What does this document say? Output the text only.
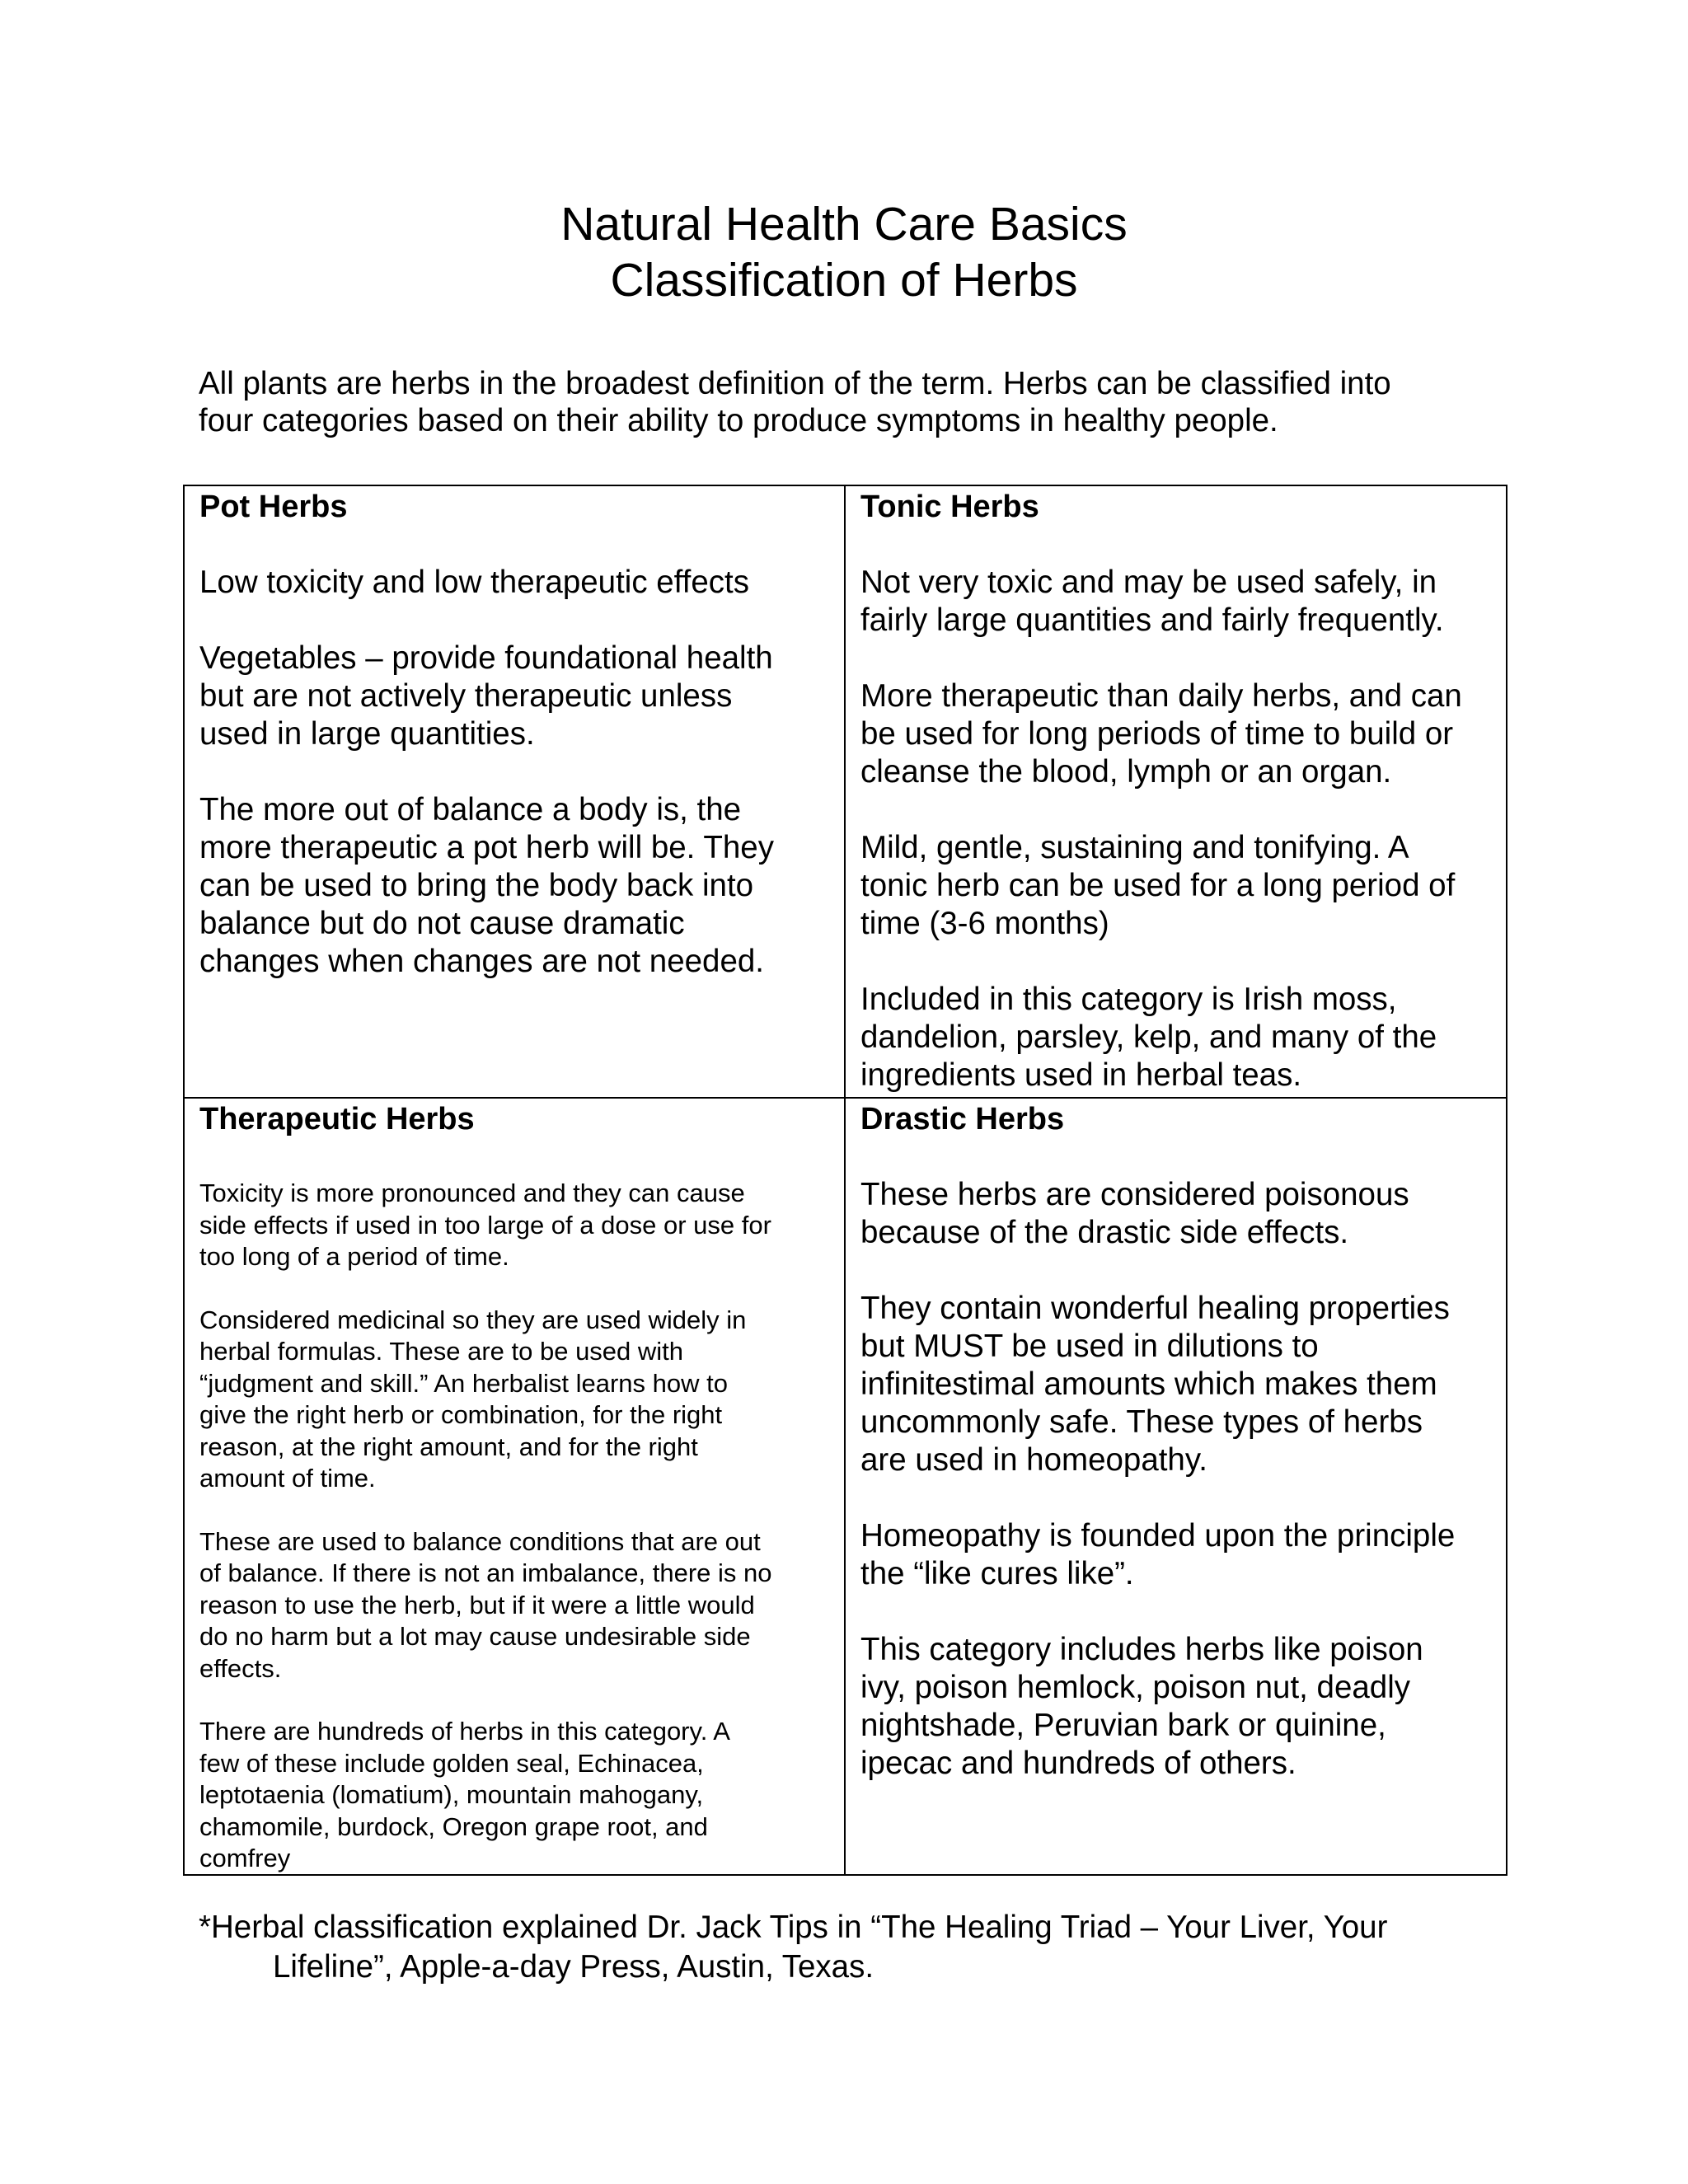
Natural Health Care Basics
Classification of Herbs
All plants are herbs in the broadest definition of the term. Herbs can be classified into
four categories based on their ability to produce symptoms in healthy people.
Pot Herbs
Low toxicity and low therapeutic effects
Vegetables – provide foundational health
but are not actively therapeutic unless
used in large quantities.
The more out of balance a body is, the
more therapeutic a pot herb will be. They
can be used to bring the body back into
balance but do not cause dramatic
changes when changes are not needed.
Tonic Herbs
Not very toxic and may be used safely, in
fairly large quantities and fairly frequently.
More therapeutic than daily herbs, and can
be used for long periods of time to build or
cleanse the blood, lymph or an organ.
Mild, gentle, sustaining and tonifying. A
tonic herb can be used for a long period of
time (3-6 months)
Included in this category is Irish moss,
dandelion, parsley, kelp, and many of the
ingredients used in herbal teas.
Therapeutic Herbs
Toxicity is more pronounced and they can cause
side effects if used in too large of a dose or use for
too long of a period of time.
Considered medicinal so they are used widely in
herbal formulas. These are to be used with
“judgment and skill.” An herbalist learns how to
give the right herb or combination, for the right
reason, at the right amount, and for the right
amount of time.
These are used to balance conditions that are out
of balance. If there is not an imbalance, there is no
reason to use the herb, but if it were a little would
do no harm but a lot may cause undesirable side
effects.
There are hundreds of herbs in this category. A
few of these include golden seal, Echinacea,
leptotaenia (lomatium), mountain mahogany,
chamomile, burdock, Oregon grape root, and
comfrey
Drastic Herbs
These herbs are considered poisonous
because of the drastic side effects.
They contain wonderful healing properties
but MUST be used in dilutions to
infinitestimal amounts which makes them
uncommonly safe. These types of herbs
are used in homeopathy.
Homeopathy is founded upon the principle
the “like cures like”.
This category includes herbs like poison
ivy, poison hemlock, poison nut, deadly
nightshade, Peruvian bark or quinine,
ipecac and hundreds of others.
*Herbal classification explained Dr. Jack Tips in “The Healing Triad – Your Liver, Your
Lifeline”, Apple-a-day Press, Austin, Texas.
